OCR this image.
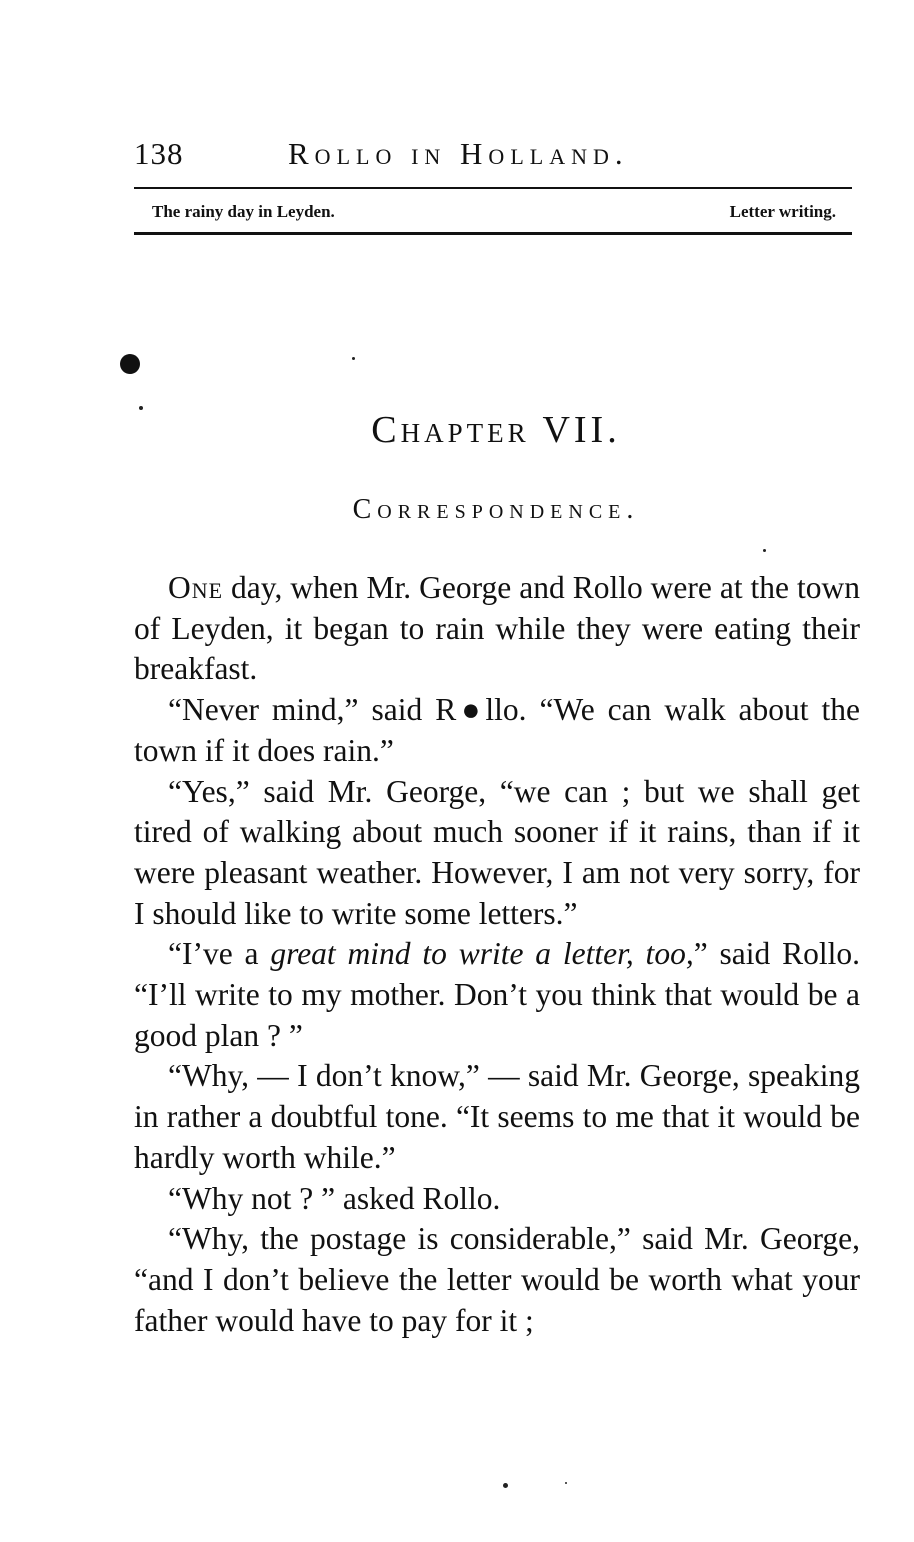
138	Rollo in Holland.
The rainy day in Leyden.	Letter writing.
Chapter VII.
Correspondence.

One day, when Mr. George and Rollo were at the town of Leyden, it began to rain while they were eating their breakfast.

“Never mind,” said R●llo. “We can walk about the town if it does rain.”

“Yes,” said Mr. George, “we can ; but we shall get tired of walking about much sooner if it rains, than if it were pleasant weather. However, I am not very sorry, for I should like to write some letters.”

“I’ve a great mind to write a letter, too,” said Rollo. “I’ll write to my mother. Don’t you think that would be a good plan ? ”

“Why, — I don’t know,” — said Mr. George, speaking in rather a doubtful tone. “It seems to me that it would be hardly worth while.”

“Why not ? ” asked Rollo.

“Why, the postage is considerable,” said Mr. George, “and I don’t believe the letter would be worth what your father would have to pay for it ;
